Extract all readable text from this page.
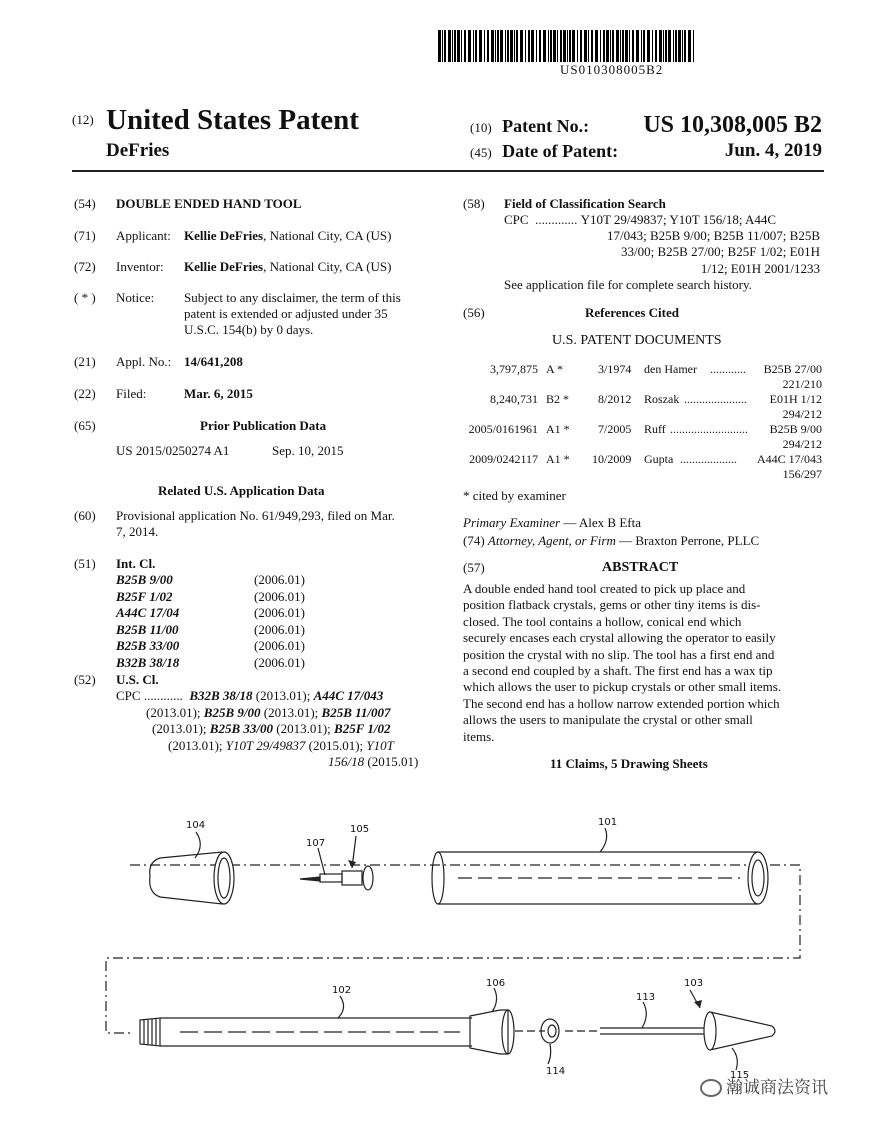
US010308005B2
(12) United States Patent
DeFries
(10) Patent No.: US 10,308,005 B2
(45) Date of Patent:	Jun. 4, 2019
(54) DOUBLE ENDED HAND TOOL
(71) Applicant: Kellie DeFries, National City, CA (US)
(72) Inventor: Kellie DeFries, National City, CA (US)
( * ) Notice: Subject to any disclaimer, the term of this
patent is extended or adjusted under 35
U.S.C. 154(b) by 0 days.
(21) Appl. No.: 14/641,208
(22) Filed:	Mar. 6, 2015
(65)	Prior Publication Data
US 2015/0250274 A1	Sep. 10, 2015
Related U.S. Application Data
(60) Provisional application No. 61/949,293, filed on Mar.
7, 2014.
(51) Int. Cl.
B25B 9/00	(2006.01)
B25F 1/02	(2006.01)
A44C 17/04	(2006.01)
B25B 11/00	(2006.01)
B25B 33/00	(2006.01)
B32B 38/18	(2006.01)
(52) U.S. Cl.
CPC ............ B32B 38/18 (2013.01); A44C 17/043
(2013.01); B25B 9/00 (2013.01); B25B 11/007
(2013.01); B25B 33/00 (2013.01); B25F 1/02
(2013.01); Y10T 29/49837 (2015.01); Y10T
156/18 (2015.01)
(58) Field of Classification Search
CPC ............. Y10T 29/49837; Y10T 156/18; A44C
17/043; B25B 9/00; B25B 11/007; B25B
33/00; B25B 27/00; B25F 1/02; E01H
1/12; E01H 2001/1233
See application file for complete search history.
(56)	References Cited
U.S. PATENT DOCUMENTS
3,797,875 A *	3/1974 den Hamer ............ B25B 27/00
221/210
8,240,731 B2 * 8/2012 Roszak ..................... E01H 1/12
294/212
2005/0161961 A1 * 7/2005 Ruff .......................... B25B 9/00
294/212
2009/0242117 A1 * 10/2009 Gupta ................... A44C 17/043
156/297
* cited by examiner
Primary Examiner — Alex B Efta
(74) Attorney, Agent, or Firm — Braxton Perrone, PLLC
(57)	ABSTRACT
A double ended hand tool created to pick up place and
position flatback crystals, gems or other tiny items is dis-
closed. The tool contains a hollow, conical end which
securely encases each crystal allowing the operator to easily
position the crystal with no slip. The tool has a first end and
a second end coupled by a shaft. The first end has a wax tip
which allows the user to pickup crystals or other small items.
The second end has a hollow narrow extended portion which
allows the users to manipulate the crystal or other small
items.
11 Claims, 5 Drawing Sheets
104
107
105
101
102
106
113
103
114	115
瀚诚商法资讯
